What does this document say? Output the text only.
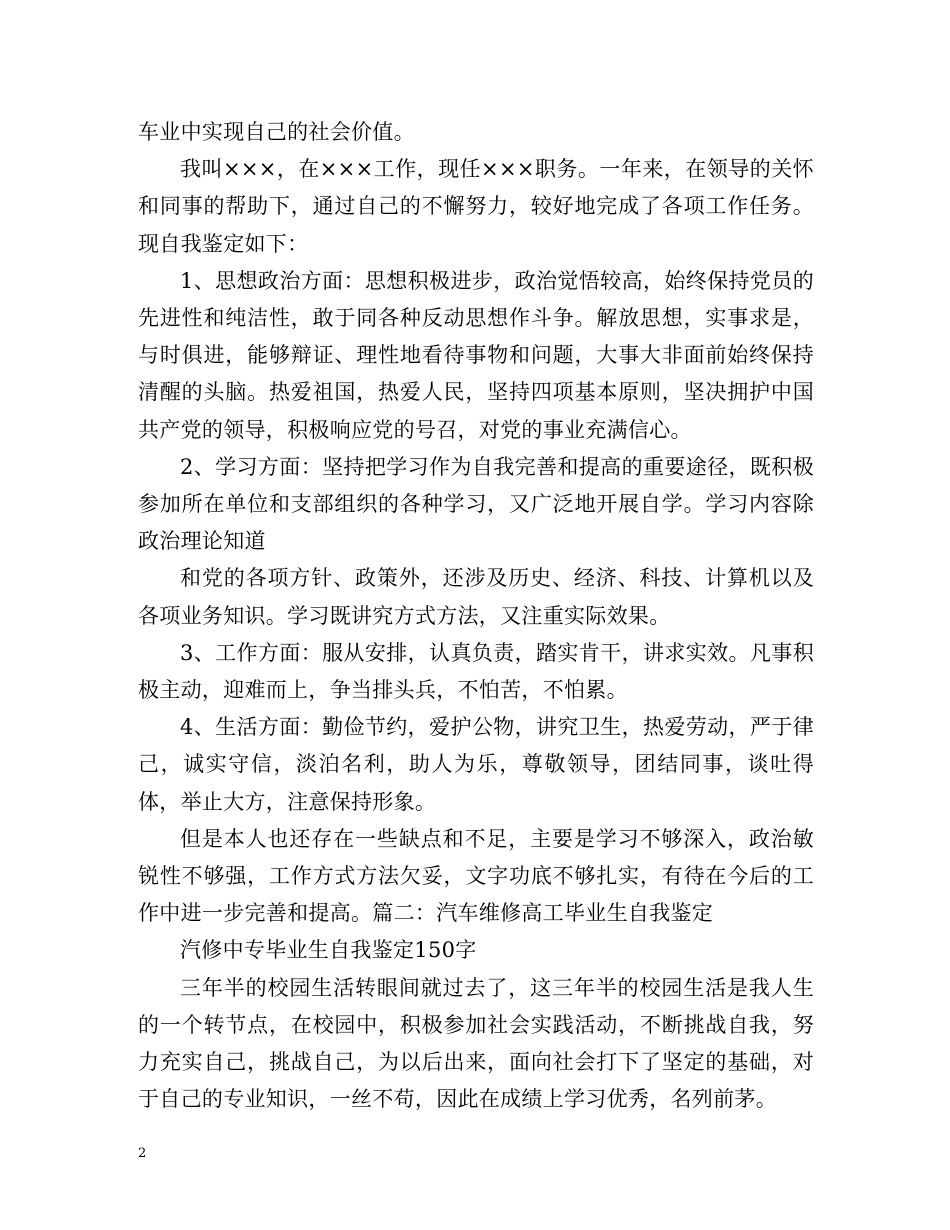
车业中实现自己的社会价值。

我叫×××，在×××工作，现任×××职务。一年来，在领导的关怀和同事的帮助下，通过自己的不懈努力，较好地完成了各项工作任务。现自我鉴定如下：

1、思想政治方面：思想积极进步，政治觉悟较高，始终保持党员的先进性和纯洁性，敢于同各种反动思想作斗争。解放思想，实事求是，与时俱进，能够辩证、理性地看待事物和问题，大事大非面前始终保持清醒的头脑。热爱祖国，热爱人民，坚持四项基本原则，坚决拥护中国共产党的领导，积极响应党的号召，对党的事业充满信心。

2、学习方面：坚持把学习作为自我完善和提高的重要途径，既积极参加所在单位和支部组织的各种学习，又广泛地开展自学。学习内容除政治理论知道

和党的各项方针、政策外，还涉及历史、经济、科技、计算机以及各项业务知识。学习既讲究方式方法，又注重实际效果。

3、工作方面：服从安排，认真负责，踏实肯干，讲求实效。凡事积极主动，迎难而上，争当排头兵，不怕苦，不怕累。

4、生活方面：勤俭节约，爱护公物，讲究卫生，热爱劳动，严于律己，诚实守信，淡泊名利，助人为乐，尊敬领导，团结同事，谈吐得体，举止大方，注意保持形象。

但是本人也还存在一些缺点和不足，主要是学习不够深入，政治敏锐性不够强，工作方式方法欠妥，文字功底不够扎实，有待在今后的工作中进一步完善和提高。篇二：汽车维修高工毕业生自我鉴定

汽修中专毕业生自我鉴定150字

三年半的校园生活转眼间就过去了，这三年半的校园生活是我人生的一个转节点，在校园中，积极参加社会实践活动，不断挑战自我，努力充实自己，挑战自己，为以后出来，面向社会打下了坚定的基础，对于自己的专业知识，一丝不苟，因此在成绩上学习优秀，名列前茅。

2
